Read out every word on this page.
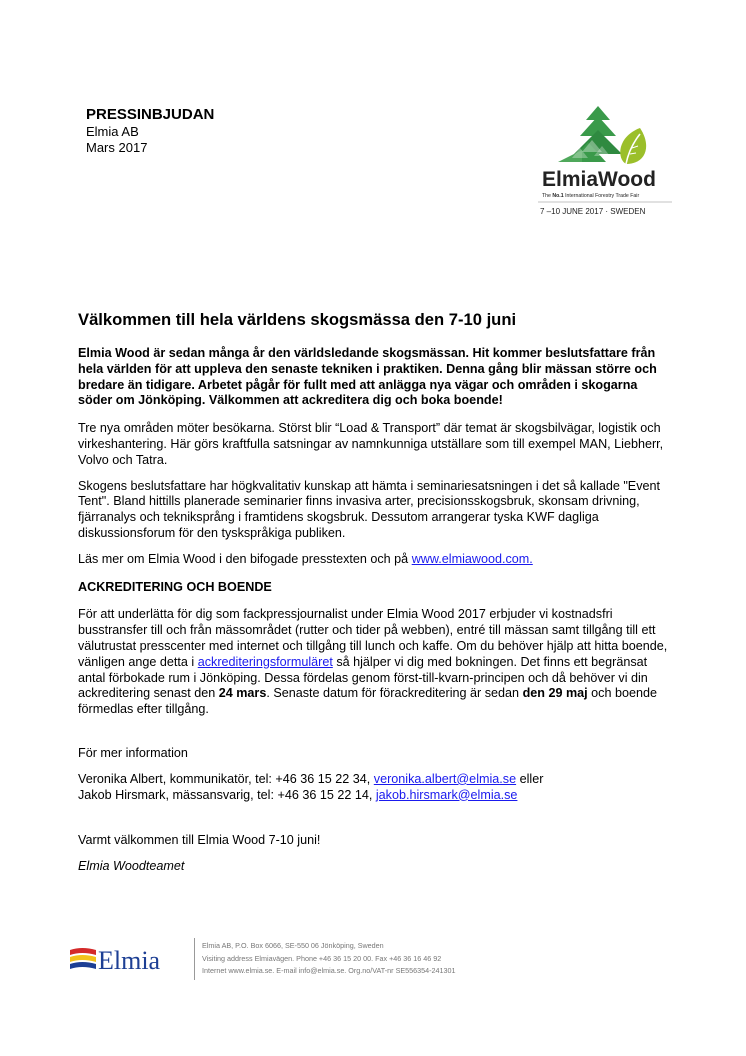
PRESSINBJUDAN
Elmia AB
Mars 2017
ElmiaWood
The No.1 International Forestry Trade Fair
7 –10 JUNE 2017 · SWEDEN
Välkommen till hela världens skogsmässa den 7-10 juni

Elmia Wood är sedan många år den världsledande skogsmässan. Hit kommer beslutsfattare från hela världen för att uppleva den senaste tekniken i praktiken. Denna gång blir mässan större och bredare än tidigare. Arbetet pågår för fullt med att anlägga nya vägar och områden i skogarna söder om Jönköping. Välkommen att ackreditera dig och boka boende!

Tre nya områden möter besökarna. Störst blir “Load & Transport” där temat är skogsbilvägar, logistik och virkeshantering. Här görs kraftfulla satsningar av namnkunniga utställare som till exempel MAN, Liebherr, Volvo och Tatra.

Skogens beslutsfattare har högkvalitativ kunskap att hämta i seminariesatsningen i det så kallade "Event Tent". Bland hittills planerade seminarier finns invasiva arter, precisionsskogsbruk, skonsam drivning, fjärranalys och tekniksprång i framtidens skogsbruk. Dessutom arrangerar tyska KWF dagliga diskussionsforum för den tyskspråkiga publiken.

Läs mer om Elmia Wood i den bifogade presstexten och på www.elmiawood.com.

ACKREDITERING OCH BOENDE

För att underlätta för dig som fackpressjournalist under Elmia Wood 2017 erbjuder vi kostnadsfri busstransfer till och från mässområdet (rutter och tider på webben), entré till mässan samt tillgång till ett välutrustat presscenter med internet och tillgång till lunch och kaffe. Om du behöver hjälp att hitta boende, vänligen ange detta i ackrediteringsformuläret så hjälper vi dig med bokningen. Det finns ett begränsat antal förbokade rum i Jönköping. Dessa fördelas genom först-till-kvarn-principen och då behöver vi din ackreditering senast den 24 mars. Senaste datum för förackreditering är sedan den 29 maj och boende förmedlas efter tillgång.

För mer information

Veronika Albert, kommunikatör, tel: +46 36 15 22 34, veronika.albert@elmia.se eller
Jakob Hirsmark, mässansvarig, tel: +46 36 15 22 14, jakob.hirsmark@elmia.se

Varmt välkommen till Elmia Wood 7-10 juni!

Elmia Woodteamet
Elmia
Elmia AB, P.O. Box 6066, SE-550 06 Jönköping, Sweden
Visiting address Elmiavägen. Phone +46 36 15 20 00. Fax +46 36 16 46 92
Internet www.elmia.se. E-mail info@elmia.se. Org.no/VAT-nr SE556354-241301
